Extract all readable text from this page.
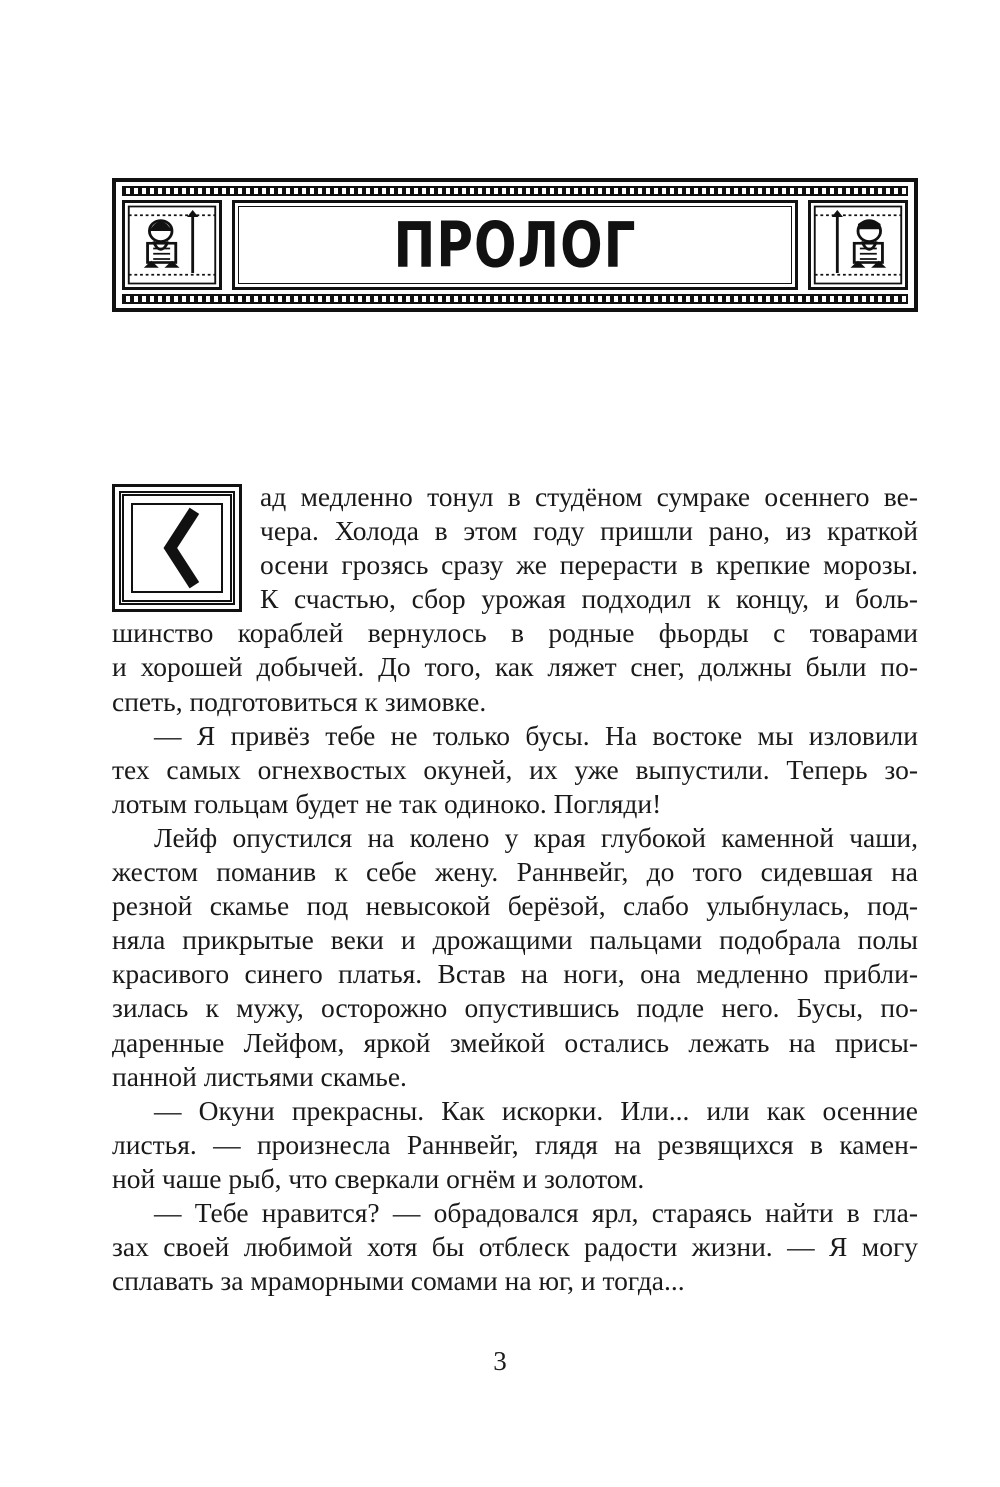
ПРОЛОГ
ад медленно тонул в студёном сумраке осеннего ве-
чера. Холода в этом году пришли рано, из краткой
осени грозясь сразу же перерасти в крепкие морозы.
К счастью, сбор урожая подходил к концу, и боль-
шинство кораблей вернулось в родные фьорды с товарами
и хорошей добычей. До того, как ляжет снег, должны были по-
спеть, подготовиться к зимовке.
— Я привёз тебе не только бусы. На востоке мы изловили
тех самых огнехвостых окуней, их уже выпустили. Теперь зо-
лотым гольцам будет не так одиноко. Погляди!
Лейф опустился на колено у края глубокой каменной чаши,
жестом поманив к себе жену. Раннвейг, до того сидевшая на
резной скамье под невысокой берёзой, слабо улыбнулась, под-
няла прикрытые веки и дрожащими пальцами подобрала полы
красивого синего платья. Встав на ноги, она медленно прибли-
зилась к мужу, осторожно опустившись подле него. Бусы, по-
даренные Лейфом, яркой змейкой остались лежать на присы-
панной листьями скамье.
— Окуни прекрасны. Как искорки. Или... или как осенние
листья. — произнесла Раннвейг, глядя на резвящихся в камен-
ной чаше рыб, что сверкали огнём и золотом.
— Тебе нравится? — обрадовался ярл, стараясь найти в гла-
зах своей любимой хотя бы отблеск радости жизни. — Я могу
сплавать за мраморными сомами на юг, и тогда...
3
